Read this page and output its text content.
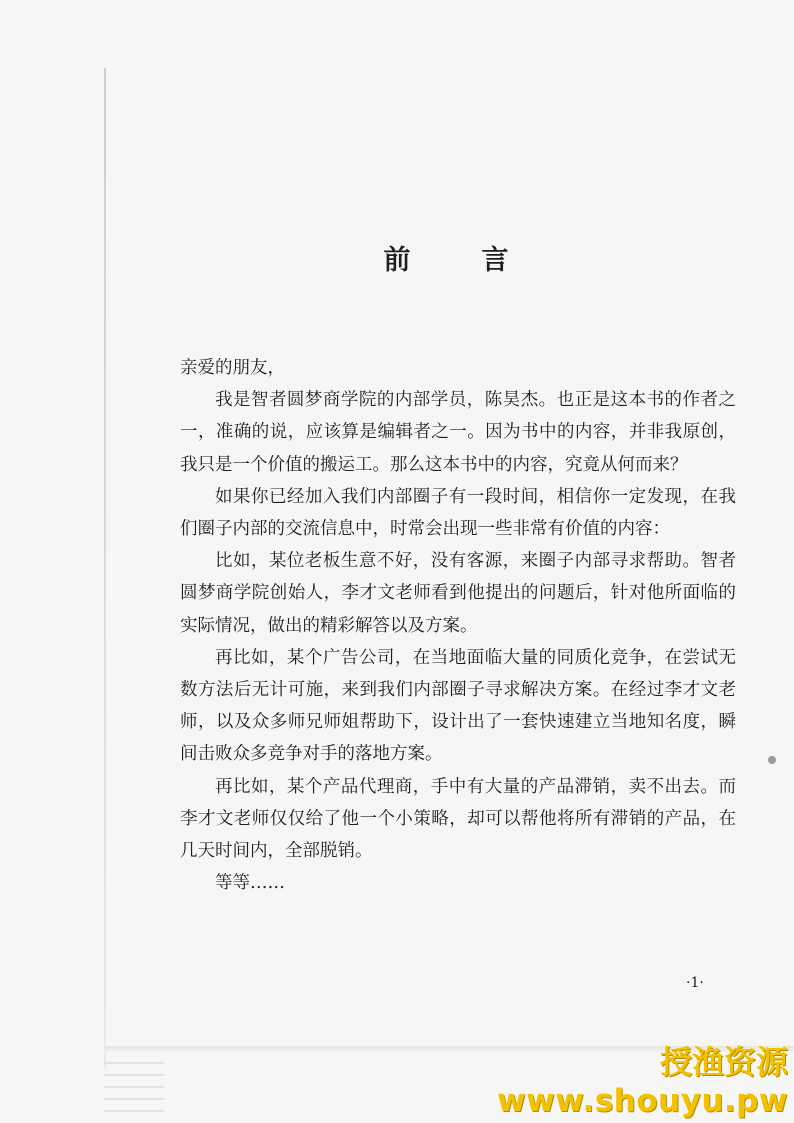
前　言

亲爱的朋友，

我是智者圆梦商学院的内部学员，陈昊杰。也正是这本书的作者之一，准确的说，应该算是编辑者之一。因为书中的内容，并非我原创，我只是一个价值的搬运工。那么这本书中的内容，究竟从何而来？

如果你已经加入我们内部圈子有一段时间，相信你一定发现，在我们圈子内部的交流信息中，时常会出现一些非常有价值的内容：

比如，某位老板生意不好，没有客源，来圈子内部寻求帮助。智者圆梦商学院创始人，李才文老师看到他提出的问题后，针对他所面临的实际情况，做出的精彩解答以及方案。

再比如，某个广告公司，在当地面临大量的同质化竞争，在尝试无数方法后无计可施，来到我们内部圈子寻求解决方案。在经过李才文老师，以及众多师兄师姐帮助下，设计出了一套快速建立当地知名度，瞬间击败众多竞争对手的落地方案。

再比如，某个产品代理商，手中有大量的产品滞销，卖不出去。而李才文老师仅仅给了他一个小策略，却可以帮他将所有滞销的产品，在几天时间内，全部脱销。

等等……

·1·
授渔资源
www.shouyu.pw
